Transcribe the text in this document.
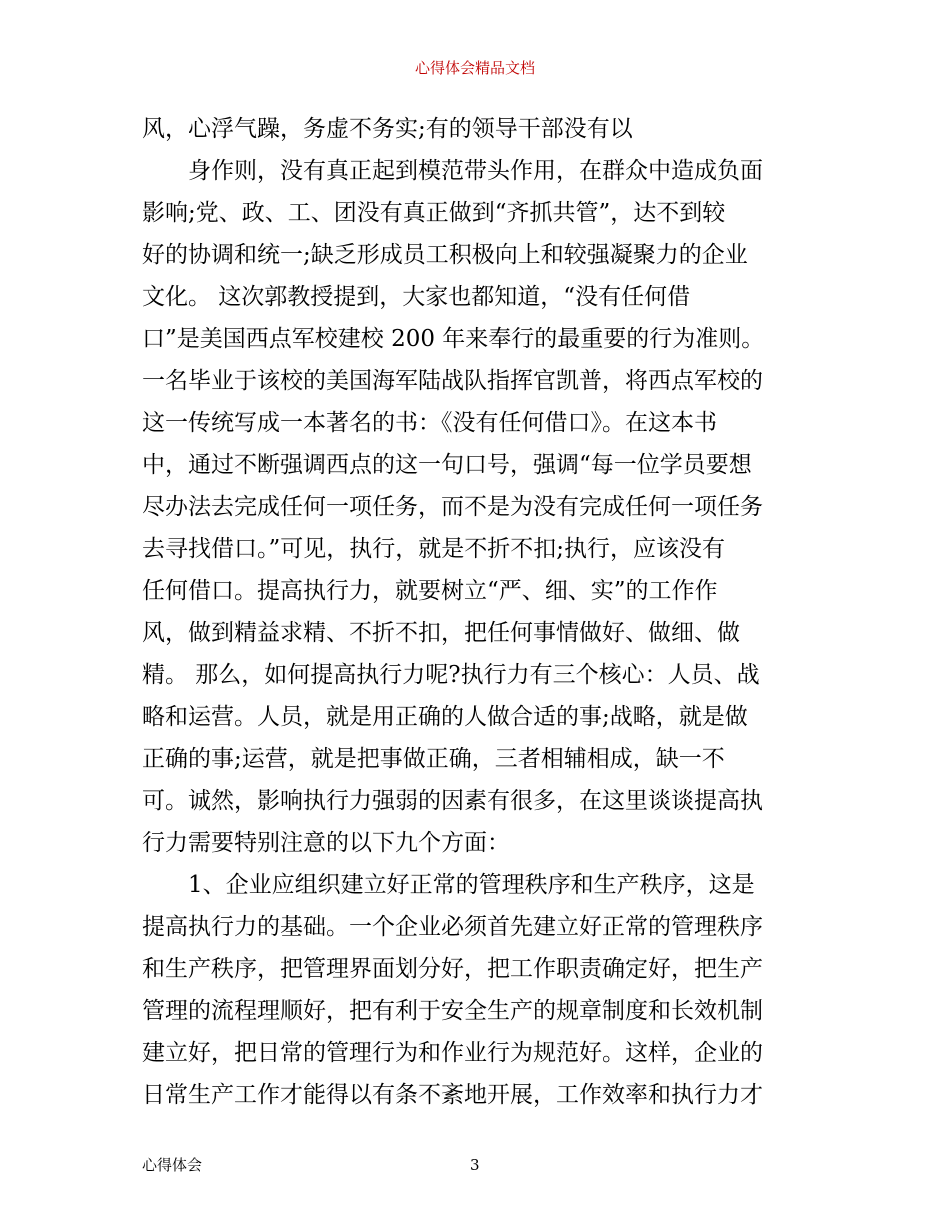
心得体会精品文档
风，心浮气躁，务虚不务实;有的领导干部没有以
身作则，没有真正起到模范带头作用，在群众中造成负面
影响;党、政、工、团没有真正做到“齐抓共管”，达不到较
好的协调和统一;缺乏形成员工积极向上和较强凝聚力的企业
文化。 这次郭教授提到，大家也都知道，“没有任何借
口”是美国西点军校建校 200 年来奉行的最重要的行为准则。
一名毕业于该校的美国海军陆战队指挥官凯普，将西点军校的
这一传统写成一本著名的书：《没有任何借口》。在这本书
中，通过不断强调西点的这一句口号，强调“每一位学员要想
尽办法去完成任何一项任务，而不是为没有完成任何一项任务
去寻找借口。”可见，执行，就是不折不扣;执行，应该没有
任何借口。提高执行力，就要树立“严、细、实”的工作作
风，做到精益求精、不折不扣，把任何事情做好、做细、做
精。 那么，如何提高执行力呢?执行力有三个核心：人员、战
略和运营。人员，就是用正确的人做合适的事;战略，就是做
正确的事;运营，就是把事做正确，三者相辅相成，缺一不
可。诚然，影响执行力强弱的因素有很多，在这里谈谈提高执
行力需要特别注意的以下九个方面：
1、企业应组织建立好正常的管理秩序和生产秩序，这是
提高执行力的基础。一个企业必须首先建立好正常的管理秩序
和生产秩序，把管理界面划分好，把工作职责确定好，把生产
管理的流程理顺好，把有利于安全生产的规章制度和长效机制
建立好，把日常的管理行为和作业行为规范好。这样，企业的
日常生产工作才能得以有条不紊地开展，工作效率和执行力才
心得体会	3
